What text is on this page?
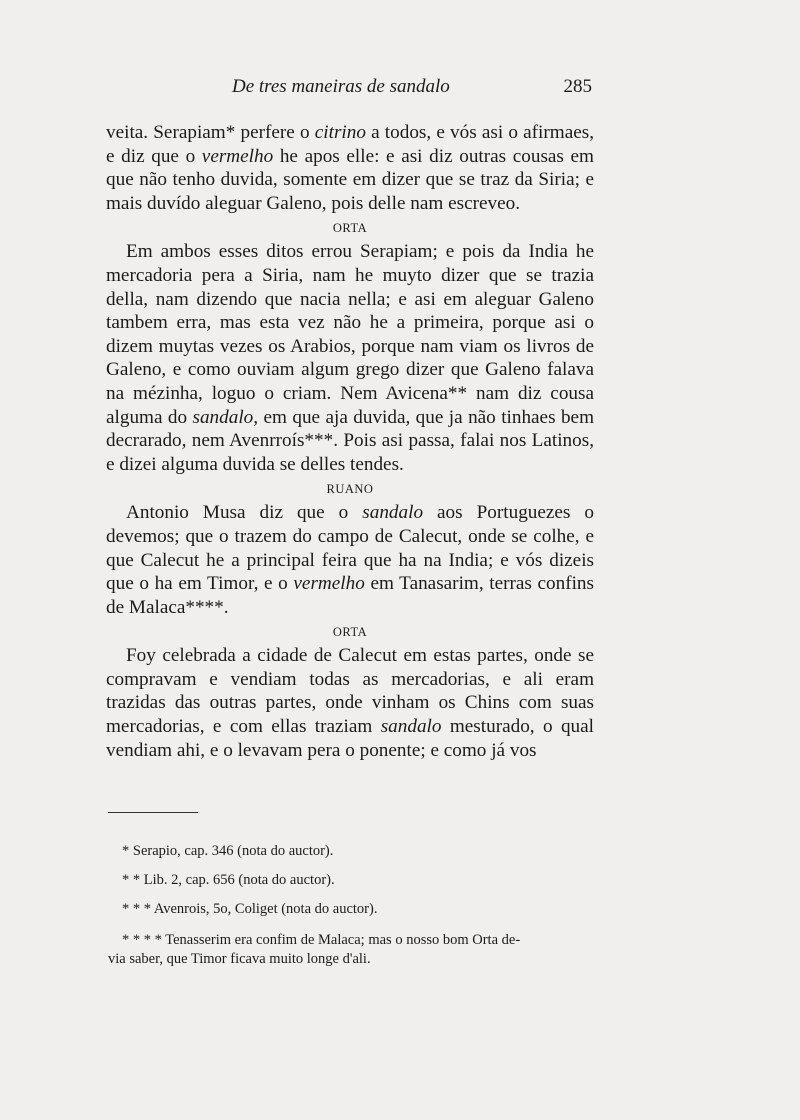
De tres maneiras de sandalo	285

veita. Serapiam* perfere o citrino a todos, e vós asi o afirmaes, e diz que o vermelho he apos elle: e asi diz outras cousas em que não tenho duvida, somente em dizer que se traz da Siria; e mais duvído aleguar Galeno, pois delle nam escreveo.

ORTA

Em ambos esses ditos errou Serapiam; e pois da India he mercadoria pera a Siria, nam he muyto dizer que se trazia della, nam dizendo que nacia nella; e asi em aleguar Galeno tambem erra, mas esta vez não he a primeira, porque asi o dizem muytas vezes os Arabios, porque nam viam os livros de Galeno, e como ouviam algum grego dizer que Galeno falava na mézinha, loguo o criam. Nem Avicena** nam diz cousa alguma do sandalo, em que aja duvida, que ja não tinhaes bem decrarado, nem Avenrroís***. Pois asi passa, falai nos Latinos, e dizei alguma duvida se delles tendes.

RUANO

Antonio Musa diz que o sandalo aos Portuguezes o devemos; que o trazem do campo de Calecut, onde se colhe, e que Calecut he a principal feira que ha na India; e vós dizeis que o ha em Timor, e o vermelho em Tanasarim, terras confins de Malaca****.

ORTA

Foy celebrada a cidade de Calecut em estas partes, onde se compravam e vendiam todas as mercadorias, e ali eram trazidas das outras partes, onde vinham os Chins com suas mercadorias, e com ellas traziam sandalo mesturado, o qual vendiam ahi, e o levavam pera o ponente; e como já vos

* Serapio, cap. 346 (nota do auctor).

* * Lib. 2, cap. 656 (nota do auctor).

* * * Avenrois, 5o, Coliget (nota do auctor).

* * * * Tenasserim era confim de Malaca; mas o nosso bom Orta de-
via saber, que Timor ficava muito longe d'ali.
